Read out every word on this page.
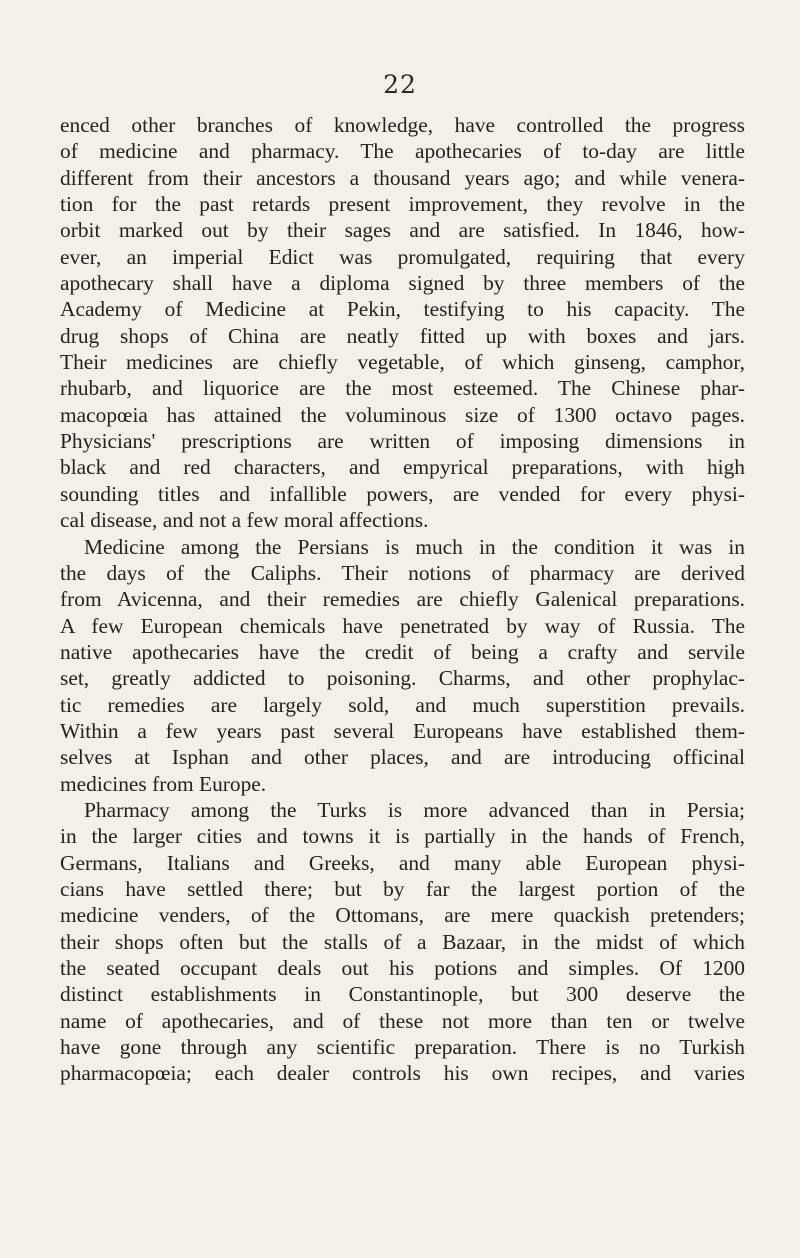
22
enced other branches of knowledge, have controlled the progress
of medicine and pharmacy. The apothecaries of to-day are little
different from their ancestors a thousand years ago; and while venera-
tion for the past retards present improvement, they revolve in the
orbit marked out by their sages and are satisfied. In 1846, how-
ever, an imperial Edict was promulgated, requiring that every
apothecary shall have a diploma signed by three members of the
Academy of Medicine at Pekin, testifying to his capacity. The
drug shops of China are neatly fitted up with boxes and jars.
Their medicines are chiefly vegetable, of which ginseng, camphor,
rhubarb, and liquorice are the most esteemed. The Chinese phar-
macopœia has attained the voluminous size of 1300 octavo pages.
Physicians' prescriptions are written of imposing dimensions in
black and red characters, and empyrical preparations, with high
sounding titles and infallible powers, are vended for every physi-
cal disease, and not a few moral affections.
Medicine among the Persians is much in the condition it was in
the days of the Caliphs. Their notions of pharmacy are derived
from Avicenna, and their remedies are chiefly Galenical preparations.
A few European chemicals have penetrated by way of Russia. The
native apothecaries have the credit of being a crafty and servile
set, greatly addicted to poisoning. Charms, and other prophylac-
tic remedies are largely sold, and much superstition prevails.
Within a few years past several Europeans have established them-
selves at Isphan and other places, and are introducing officinal
medicines from Europe.
Pharmacy among the Turks is more advanced than in Persia;
in the larger cities and towns it is partially in the hands of French,
Germans, Italians and Greeks, and many able European physi-
cians have settled there; but by far the largest portion of the
medicine venders, of the Ottomans, are mere quackish pretenders;
their shops often but the stalls of a Bazaar, in the midst of which
the seated occupant deals out his potions and simples. Of 1200
distinct establishments in Constantinople, but 300 deserve the
name of apothecaries, and of these not more than ten or twelve
have gone through any scientific preparation. There is no Turkish
pharmacopœia; each dealer controls his own recipes, and varies
